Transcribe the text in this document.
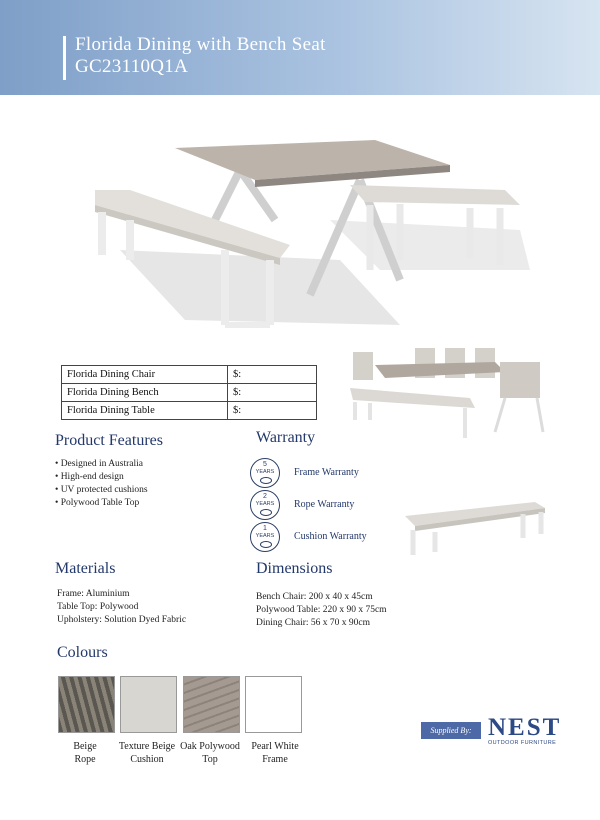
Florida Dining with Bench Seat
GC23110Q1A
Florida Dining Chair	$:
Florida Dining Bench	$:
Florida Dining Table	$:
Product Features
• Designed in Australia
• High-end design
• UV protected cushions
• Polywood Table Top
Warranty
5
YEARS	Frame Warranty
2
YEARS	Rope Warranty
1
YEARS	Cushion Warranty
Materials
Frame: Aluminium
Table Top: Polywood
Upholstery: Solution Dyed Fabric
Dimensions
Bench Chair: 200 x 40 x 45cm
Polywood Table: 220 x 90 x 75cm
Dining Chair: 56 x 70 x 90cm
Colours
Beige
Rope
Texture Beige
Cushion
Oak Polywood
Top
Pearl White
Frame
Supplied By: NEST
OUTDOOR FURNITURE
